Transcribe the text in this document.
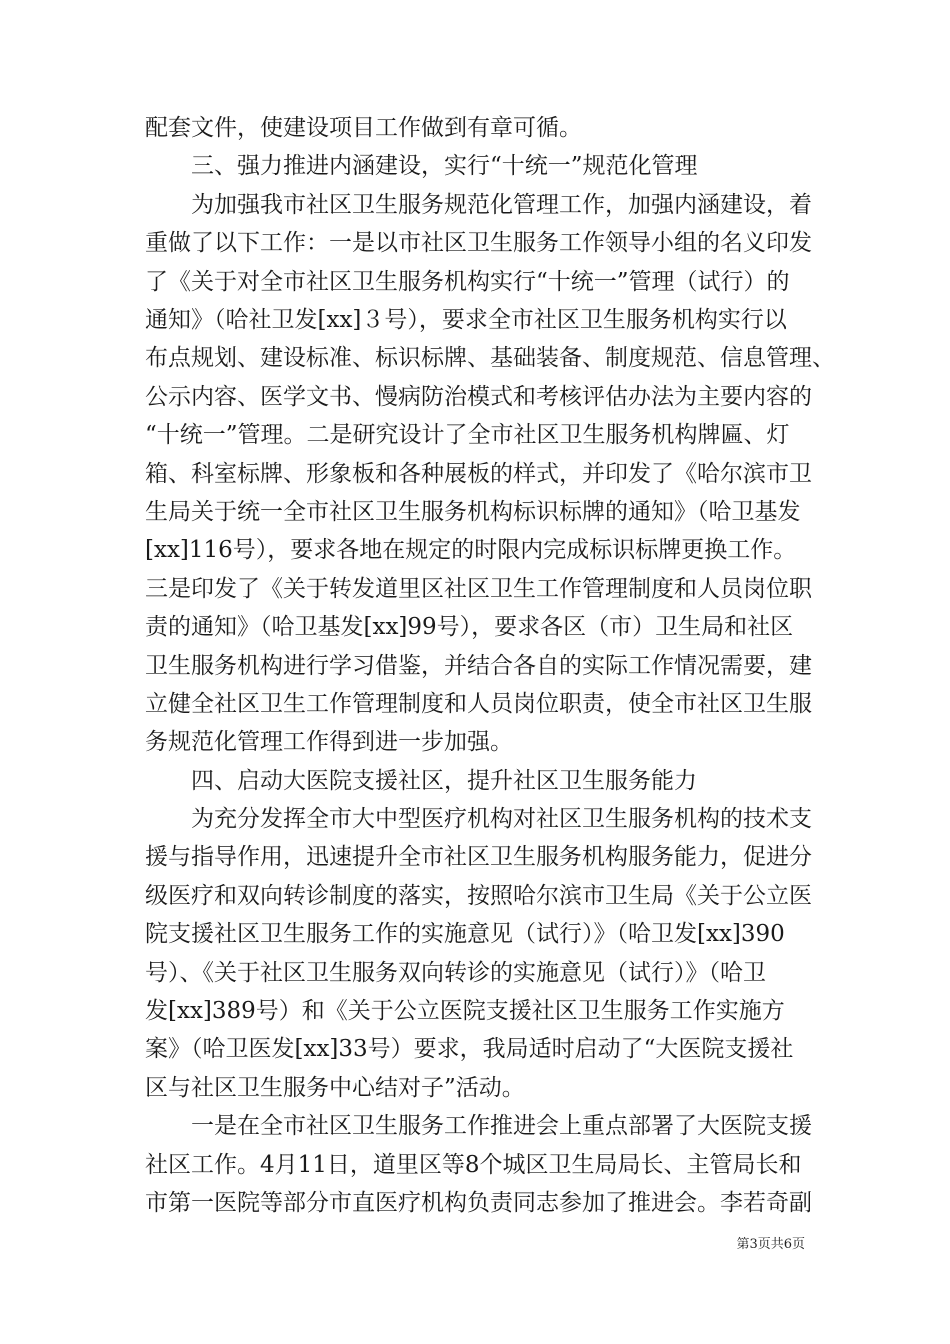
配套文件，使建设项目工作做到有章可循。
　　三、强力推进内涵建设，实行“十统一”规范化管理
　　为加强我市社区卫生服务规范化管理工作，加强内涵建设，着
重做了以下工作：一是以市社区卫生服务工作领导小组的名义印发
了《关于对全市社区卫生服务机构实行“十统一”管理（试行）的
通知》（哈社卫发[xx]３号），要求全市社区卫生服务机构实行以
布点规划、建设标准、标识标牌、基础装备、制度规范、信息管理、
公示内容、医学文书、慢病防治模式和考核评估办法为主要内容的
“十统一”管理。二是研究设计了全市社区卫生服务机构牌匾、灯
箱、科室标牌、形象板和各种展板的样式，并印发了《哈尔滨市卫
生局关于统一全市社区卫生服务机构标识标牌的通知》（哈卫基发
[xx]116号），要求各地在规定的时限内完成标识标牌更换工作。
三是印发了《关于转发道里区社区卫生工作管理制度和人员岗位职
责的通知》（哈卫基发[xx]99号），要求各区（市）卫生局和社区
卫生服务机构进行学习借鉴，并结合各自的实际工作情况需要，建
立健全社区卫生工作管理制度和人员岗位职责，使全市社区卫生服
务规范化管理工作得到进一步加强。
　　四、启动大医院支援社区，提升社区卫生服务能力
　　为充分发挥全市大中型医疗机构对社区卫生服务机构的技术支
援与指导作用，迅速提升全市社区卫生服务机构服务能力，促进分
级医疗和双向转诊制度的落实，按照哈尔滨市卫生局《关于公立医
院支援社区卫生服务工作的实施意见（试行）》（哈卫发[xx]390
号）、《关于社区卫生服务双向转诊的实施意见（试行）》（哈卫
发[xx]389号）和《关于公立医院支援社区卫生服务工作实施方
案》（哈卫医发[xx]33号）要求，我局适时启动了“大医院支援社
区与社区卫生服务中心结对子”活动。
　　一是在全市社区卫生服务工作推进会上重点部署了大医院支援
社区工作。4月11日，道里区等8个城区卫生局局长、主管局长和
市第一医院等部分市直医疗机构负责同志参加了推进会。李若奇副
第3页共6页
